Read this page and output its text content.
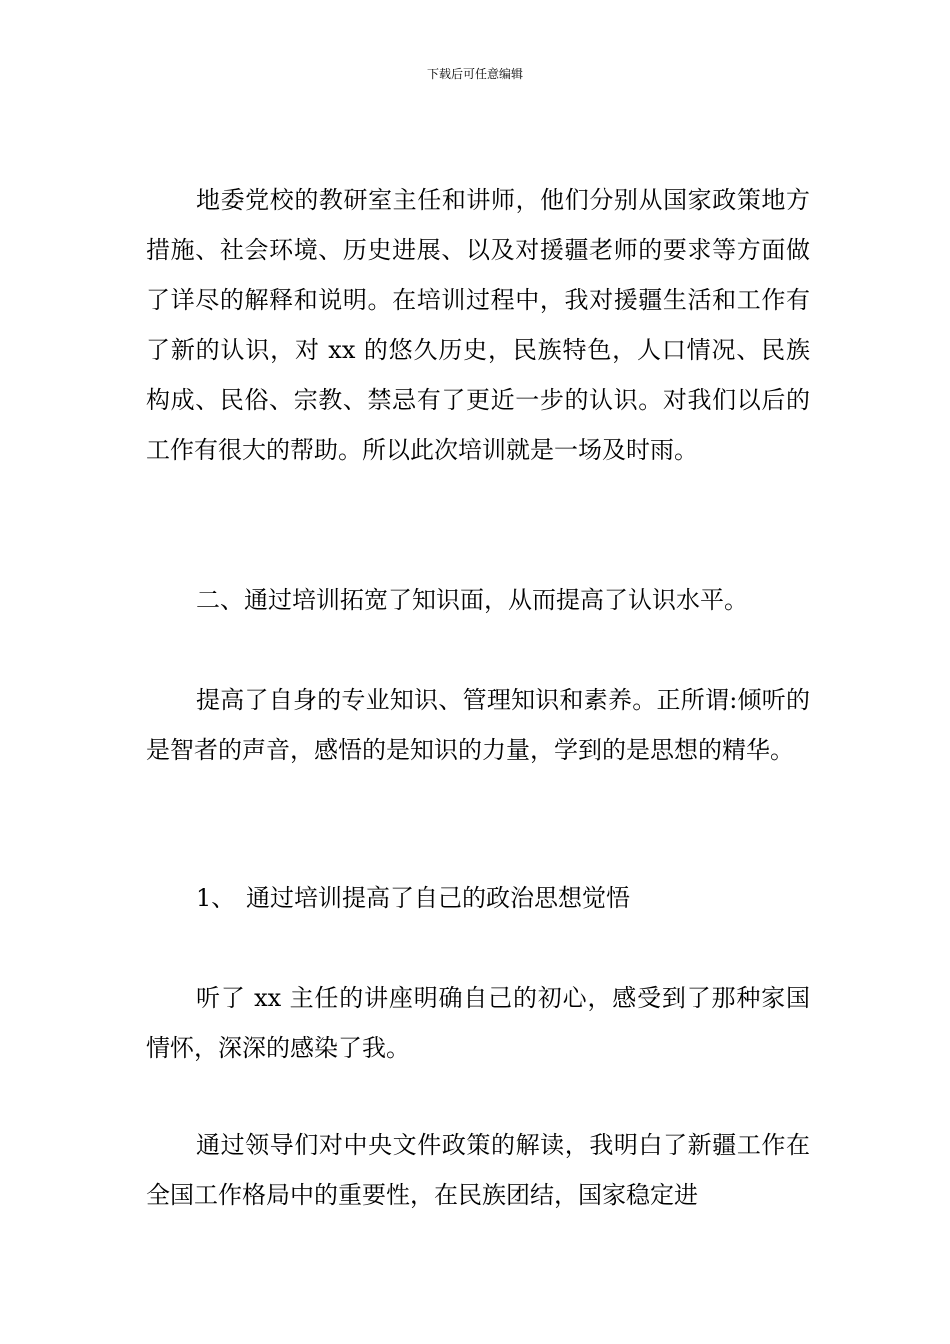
下载后可任意编辑

地委党校的教研室主任和讲师，他们分别从国家政策地方措施、社会环境、历史进展、以及对援疆老师的要求等方面做了详尽的解释和说明。在培训过程中，我对援疆生活和工作有了新的认识，对 xx 的悠久历史，民族特色，人口情况、民族构成、民俗、宗教、禁忌有了更近一步的认识。对我们以后的工作有很大的帮助。所以此次培训就是一场及时雨。

二、通过培训拓宽了知识面，从而提高了认识水平。

提高了自身的专业知识、管理知识和素养。正所谓:倾听的是智者的声音，感悟的是知识的力量，学到的是思想的精华。

1、 通过培训提高了自己的政治思想觉悟

听了 xx 主任的讲座明确自己的初心，感受到了那种家国情怀，深深的感染了我。

通过领导们对中央文件政策的解读，我明白了新疆工作在全国工作格局中的重要性，在民族团结，国家稳定进
